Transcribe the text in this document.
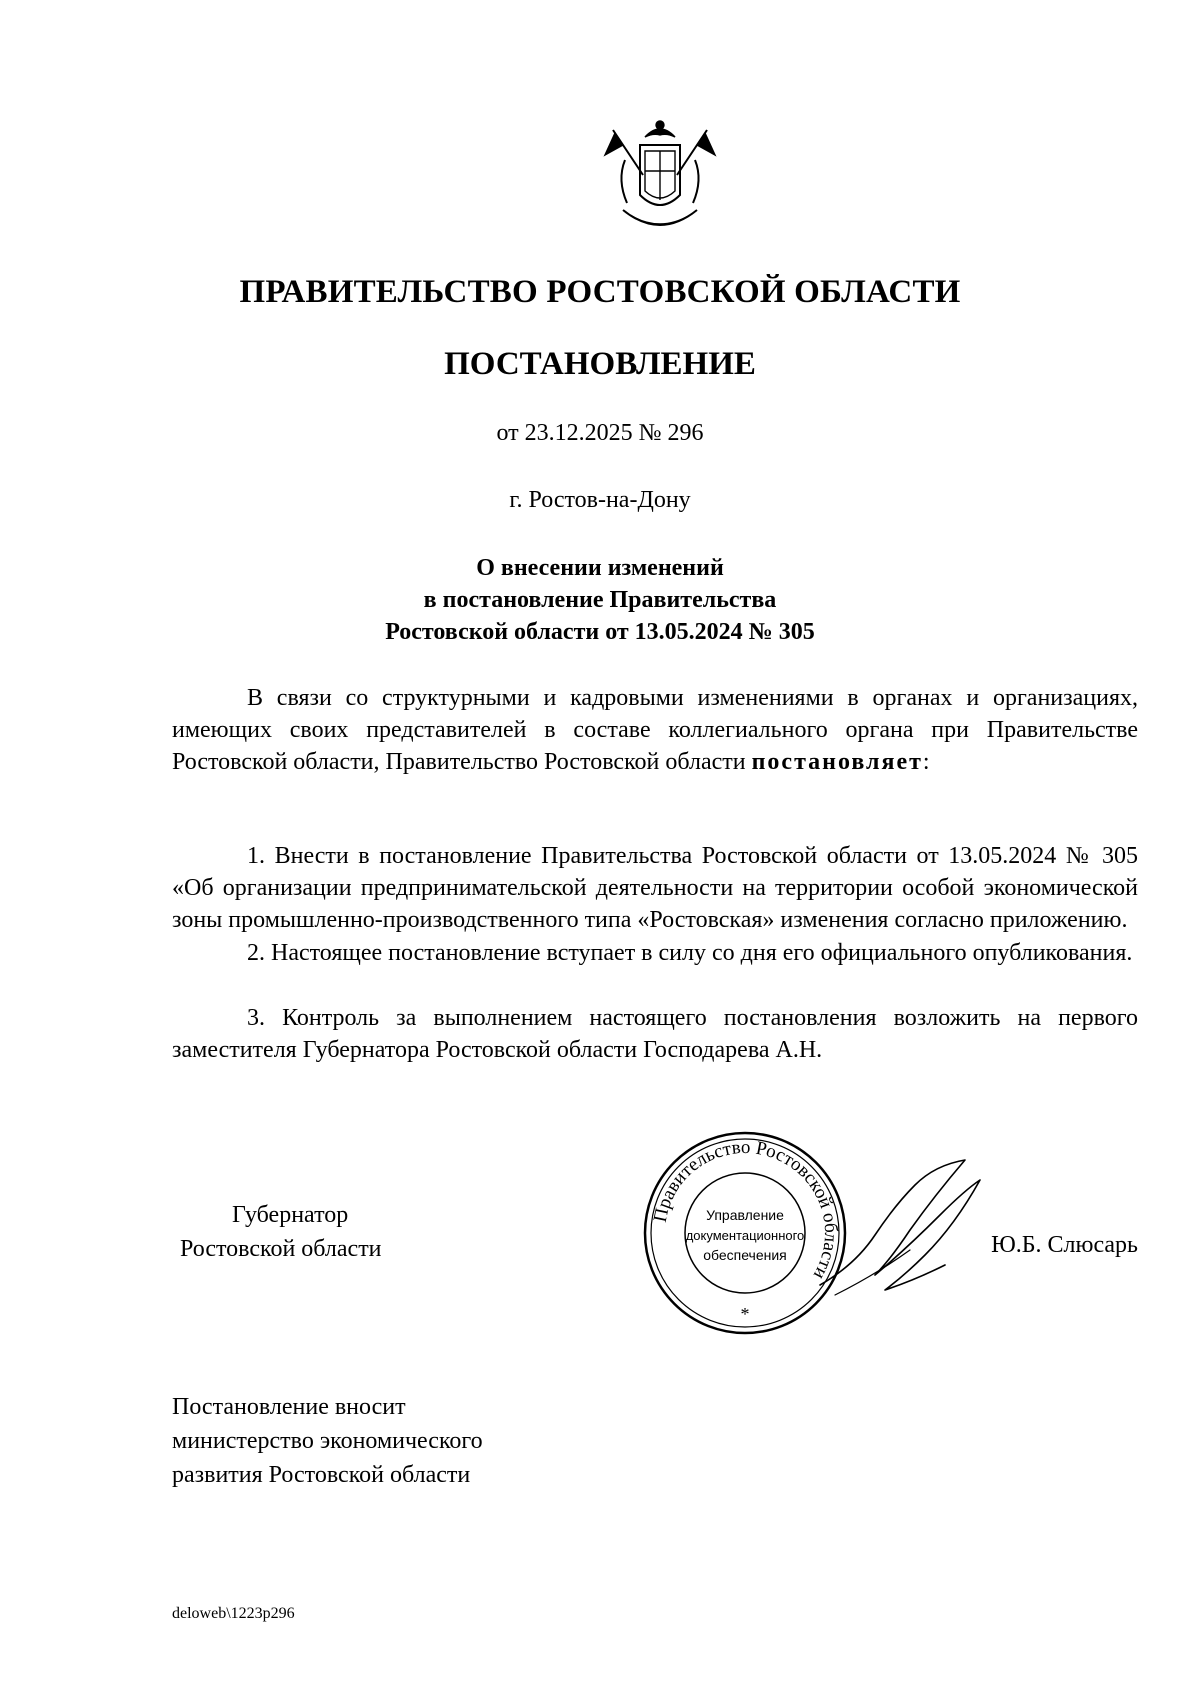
ПРАВИТЕЛЬСТВО РОСТОВСКОЙ ОБЛАСТИ
ПОСТАНОВЛЕНИЕ
от 23.12.2025 № 296
г. Ростов-на-Дону
О внесении изменений
в постановление Правительства
Ростовской области от 13.05.2024 № 305

В связи со структурными и кадровыми изменениями в органах и организациях, имеющих своих представителей в составе коллегиального органа при Правительстве Ростовской области, Правительство Ростовской области постановляет:

1. Внести в постановление Правительства Ростовской области от 13.05.2024 № 305 «Об организации предпринимательской деятельности на территории особой экономической зоны промышленно-производственного типа «Ростовская» изменения согласно приложению.

2. Настоящее постановление вступает в силу со дня его официального опубликования.

3. Контроль за выполнением настоящего постановления возложить на первого заместителя Губернатора Ростовской области Господарева А.Н.

Губернатор
Ростовской области
Правительство Ростовской области
Управление
документационного
обеспечения
*
Ю.Б. Слюсарь
Постановление вносит
министерство экономического
развития Ростовской области
deloweb\1223p296
